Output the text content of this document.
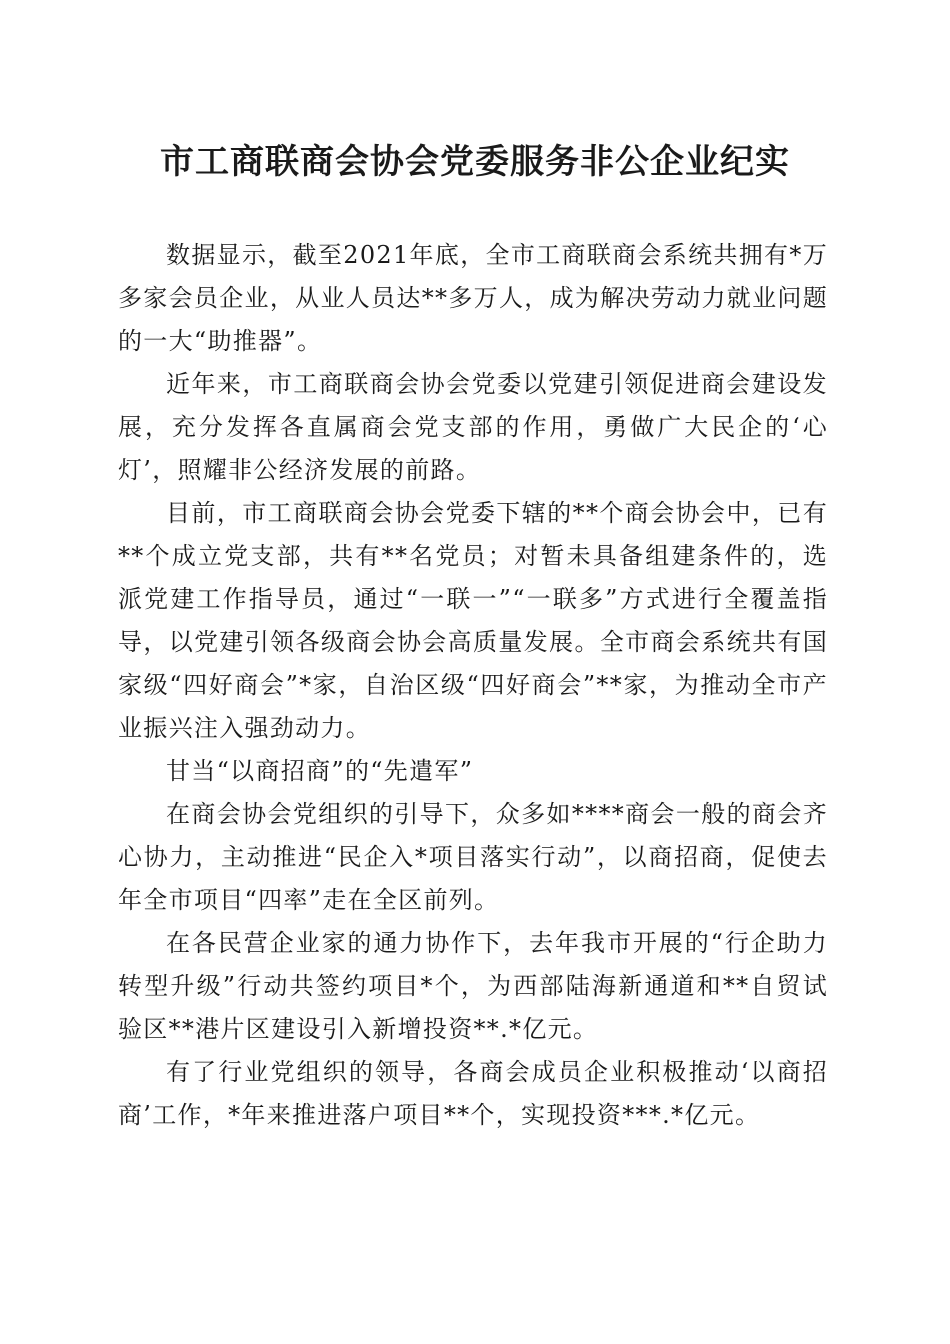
市工商联商会协会党委服务非公企业纪实

数据显示，截至2021年底，全市工商联商会系统共拥有*万多家会员企业，从业人员达**多万人，成为解决劳动力就业问题的一大“助推器”。

近年来，市工商联商会协会党委以党建引领促进商会建设发展，充分发挥各直属商会党支部的作用，勇做广大民企的‘心灯’，照耀非公经济发展的前路。

目前，市工商联商会协会党委下辖的**个商会协会中，已有**个成立党支部，共有**名党员；对暂未具备组建条件的，选派党建工作指导员，通过“一联一”“一联多”方式进行全覆盖指导，以党建引领各级商会协会高质量发展。全市商会系统共有国家级“四好商会”*家，自治区级“四好商会”**家，为推动全市产业振兴注入强劲动力。

甘当“以商招商”的“先遣军”

在商会协会党组织的引导下，众多如****商会一般的商会齐心协力，主动推进“民企入*项目落实行动”，以商招商，促使去年全市项目“四率”走在全区前列。

在各民营企业家的通力协作下，去年我市开展的“行企助力转型升级”行动共签约项目*个，为西部陆海新通道和**自贸试验区**港片区建设引入新增投资**.*亿元。

有了行业党组织的领导，各商会成员企业积极推动‘以商招商’工作，*年来推进落户项目**个，实现投资***.*亿元。
